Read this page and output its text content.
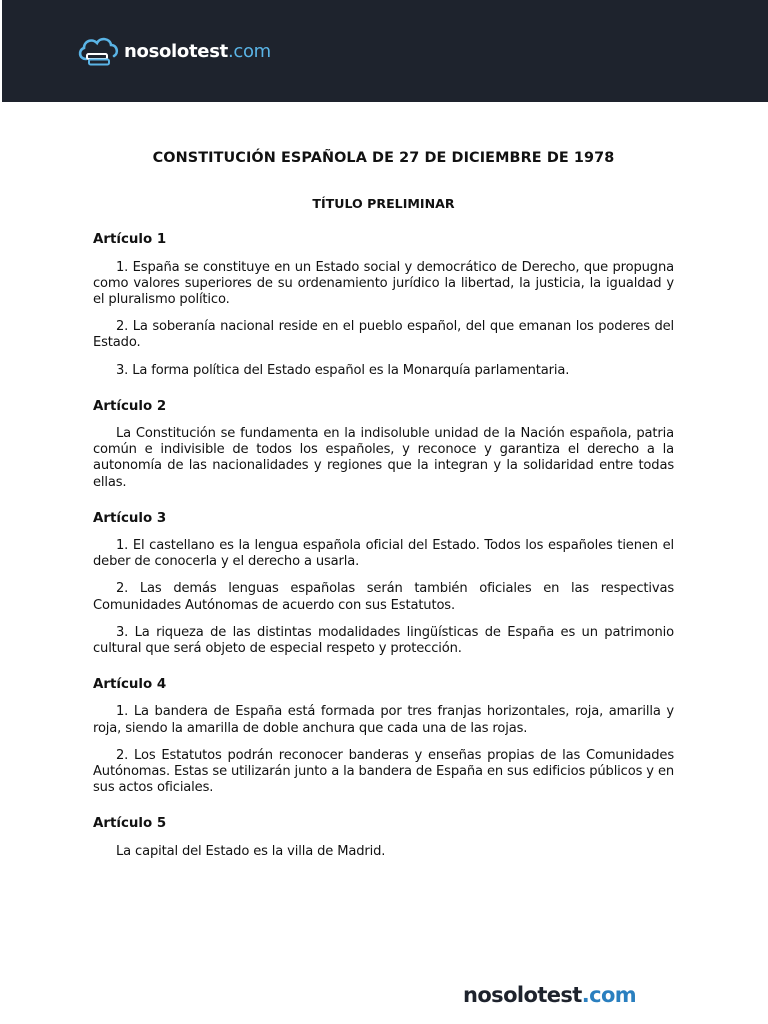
nosolotest.com
CONSTITUCIÓN ESPAÑOLA DE 27 DE DICIEMBRE DE 1978
TÍTULO PRELIMINAR
Artículo 1

1. España se constituye en un Estado social y democrático de Derecho, que propugna como valores superiores de su ordenamiento jurídico la libertad, la justicia, la igualdad y el pluralismo político.

2. La soberanía nacional reside en el pueblo español, del que emanan los poderes del Estado.

3. La forma política del Estado español es la Monarquía parlamentaria.

Artículo 2

La Constitución se fundamenta en la indisoluble unidad de la Nación española, patria común e indivisible de todos los españoles, y reconoce y garantiza el derecho a la autonomía de las nacionalidades y regiones que la integran y la solidaridad entre todas ellas.

Artículo 3

1. El castellano es la lengua española oficial del Estado. Todos los españoles tienen el deber de conocerla y el derecho a usarla.

2. Las demás lenguas españolas serán también oficiales en las respectivas Comunidades Autónomas de acuerdo con sus Estatutos.

3. La riqueza de las distintas modalidades lingüísticas de España es un patrimonio cultural que será objeto de especial respeto y protección.

Artículo 4

1. La bandera de España está formada por tres franjas horizontales, roja, amarilla y roja, siendo la amarilla de doble anchura que cada una de las rojas.

2. Los Estatutos podrán reconocer banderas y enseñas propias de las Comunidades Autónomas. Estas se utilizarán junto a la bandera de España en sus edificios públicos y en sus actos oficiales.

Artículo 5

La capital del Estado es la villa de Madrid.

nosolotest.com
